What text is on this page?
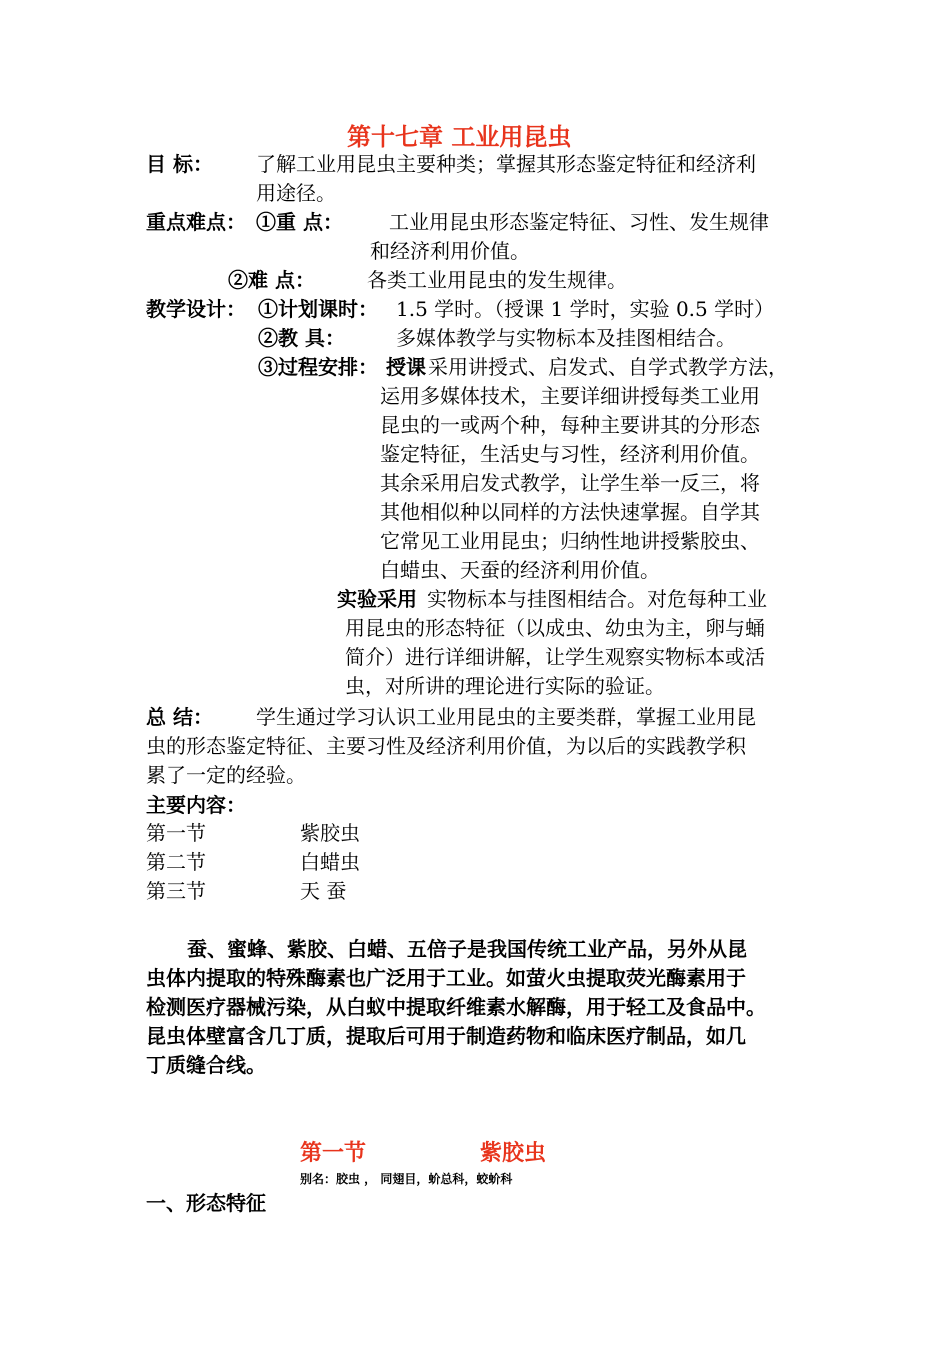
第十七章 工业用昆虫
目 标： 了解工业用昆虫主要种类；掌握其形态鉴定特征和经济利
用途径。
重点难点： ①重 点： 工业用昆虫形态鉴定特征、习性、发生规律
和经济利用价值。
②难 点：	各类工业用昆虫的发生规律。
教学设计： ①计划课时： 1.5 学时。（授课 1 学时，实验 0.5 学时）
②教 具：	多媒体教学与实物标本及挂图相结合。
③过程安排： 授课 采用讲授式、启发式、自学式教学方法，
运用多媒体技术，主要详细讲授每类工业用
昆虫的一或两个种，每种主要讲其的分形态
鉴定特征，生活史与习性，经济利用价值。
其余采用启发式教学，让学生举一反三，将
其他相似种以同样的方法快速掌握。自学其
它常见工业用昆虫；归纳性地讲授紫胶虫、
白蜡虫、天蚕的经济利用价值。
实验采用 实物标本与挂图相结合。对危每种工业
用昆虫的形态特征（以成虫、幼虫为主，卵与蛹
简介）进行详细讲解，让学生观察实物标本或活
虫，对所讲的理论进行实际的验证。
总 结： 学生通过学习认识工业用昆虫的主要类群，掌握工业用昆
虫的形态鉴定特征、主要习性及经济利用价值，为以后的实践教学积
累了一定的经验。
主要内容：
第一节	紫胶虫
第二节	白蜡虫
第三节	天 蚕
蚕、蜜蜂、紫胶、白蜡、五倍子是我国传统工业产品，另外从昆
虫体内提取的特殊酶素也广泛用于工业。如萤火虫提取荧光酶素用于
检测医疗器械污染，从白蚁中提取纤维素水解酶，用于轻工及食品中。
昆虫体壁富含几丁质，提取后可用于制造药物和临床医疗制品，如几
丁质缝合线。
第一节	紫胶虫
别名：胶虫 ， 同翅目，蚧总科，蛟蚧科
一、形态特征
